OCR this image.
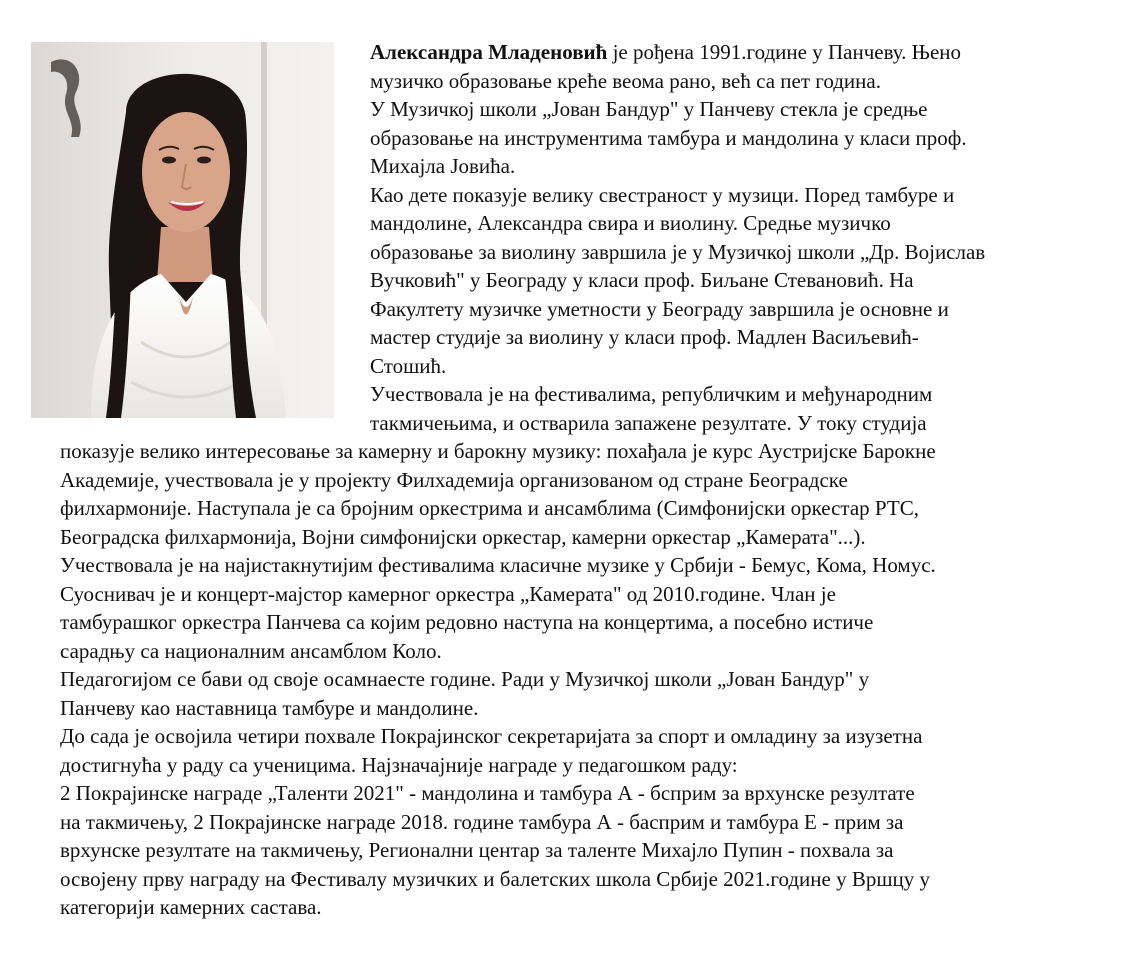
Александра Младеновић је рођена 1991.године у Панчеву. Њено
музичко образовање креће веома рано, већ са пет година.
У Музичкој школи „Јован Бандур" у Панчеву стекла је средње
образовање на инструментима тамбура и мандолина у класи проф.
Михајла Јовића.
Као дете показује велику свестраност у музици. Поред тамбуре и
мандолине, Александра свира и виолину. Средње музичко
образовање за виолину завршила је у Музичкој школи „Др. Војислав
Вучковић" у Београду у класи проф. Биљане Стевановић. На
Факултету музичке уметности у Београду завршила је основне и
мастер студије за виолину у класи проф. Мадлен Васиљевић-
Стошић.
Учествовала је на фестивалима, републичким и међународним
такмичењима, и остварила запажене резултате. У току студија
показује велико интересовање за камерну и барокну музику: похађала је курс Аустријске Барокне
Академије, учествовала је у пројекту Филхадемија организованом од стране Београдске
филхармоније. Наступала је са бројним оркестрима и ансамблима (Симфонијски оркестар РТС,
Београдска филхармонија, Војни симфонијски оркестар, камерни оркестар „Камерата"...).
Учествовала је на најистакнутијим фестивалима класичне музике у Србији - Бемус, Кома, Номус.
Суоснивач је и концерт-мајстор камерног оркестра „Камерата" од 2010.године. Члан је
тамбурашког оркестра Панчева са којим редовно наступа на концертима, а посебно истиче
сарадњу са националним ансамблом Коло.
Педагогијом се бави од своје осамнаесте године. Ради у Музичкој школи „Јован Бандур" у
Панчеву као наставница тамбуре и мандолине.
До сада је освојила четири похвале Покрајинског секретаријата за спорт и омладину за изузетна
достигнућа у раду са ученицима. Најзначајније награде у педагошком раду:
2 Покрајинске награде „Таленти 2021" - мандолина и тамбура А - бсприм за врхунске резултате
на такмичењу, 2 Покрајинске награде 2018. године тамбура А - басприм и тамбура Е - прим за
врхунске резултате на такмичењу, Регионални центар за таленте Михајло Пупин - похвала за
освојену прву награду на Фестивалу музичких и балетских школа Србије 2021.године у Вршцу у
категорији камерних састава.
